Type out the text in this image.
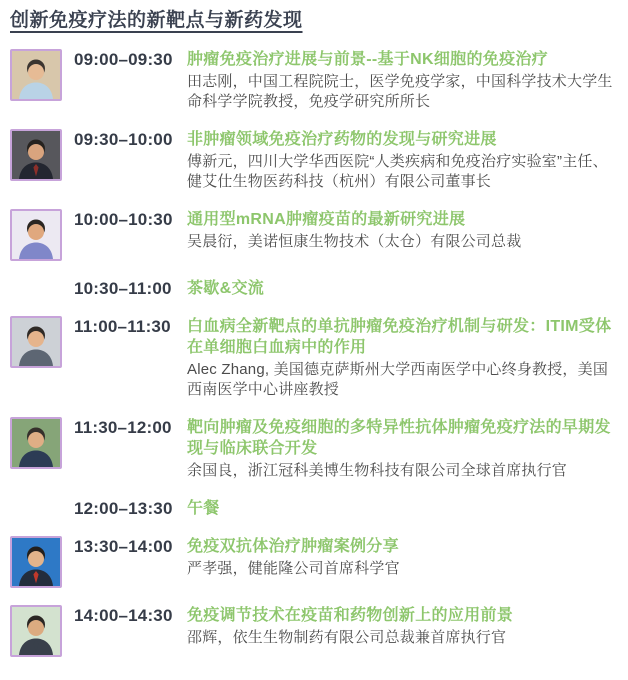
创新免疫疗法的新靶点与新药发现
09:00–09:30 肿瘤免疫治疗进展与前景--基于NK细胞的免疫治疗
田志刚，中国工程院院士，医学免疫学家，中国科学技术大学生命科学学院教授，免疫学研究所所长
09:30–10:00 非肿瘤领域免疫治疗药物的发现与研究进展
傅新元，四川大学华西医院“人类疾病和免疫治疗实验室”主任、健艾仕生物医药科技（杭州）有限公司董事长
10:00–10:30 通用型mRNA肿瘤疫苗的最新研究进展
吴晨衍，美诺恒康生物技术（太仓）有限公司总裁
10:30–11:00 茶歇&交流
11:00–11:30	白血病全新靶点的单抗肿瘤免疫治疗机制与研发：ITIM受体在单细胞白血病中的作用
Alec Zhang, 美国德克萨斯州大学西南医学中心终身教授，美国西南医学中心讲座教授
11:30–12:00 靶向肿瘤及免疫细胞的多特异性抗体肿瘤免疫疗法的早期发现与临床联合开发
余国良，浙江冠科美博生物科技有限公司全球首席执行官
12:00–13:30 午餐
13:30–14:00 免疫双抗体治疗肿瘤案例分享
严孝强，健能隆公司首席科学官
14:00–14:30 免疫调节技术在疫苗和药物创新上的应用前景
邵辉，依生生物制药有限公司总裁兼首席执行官
